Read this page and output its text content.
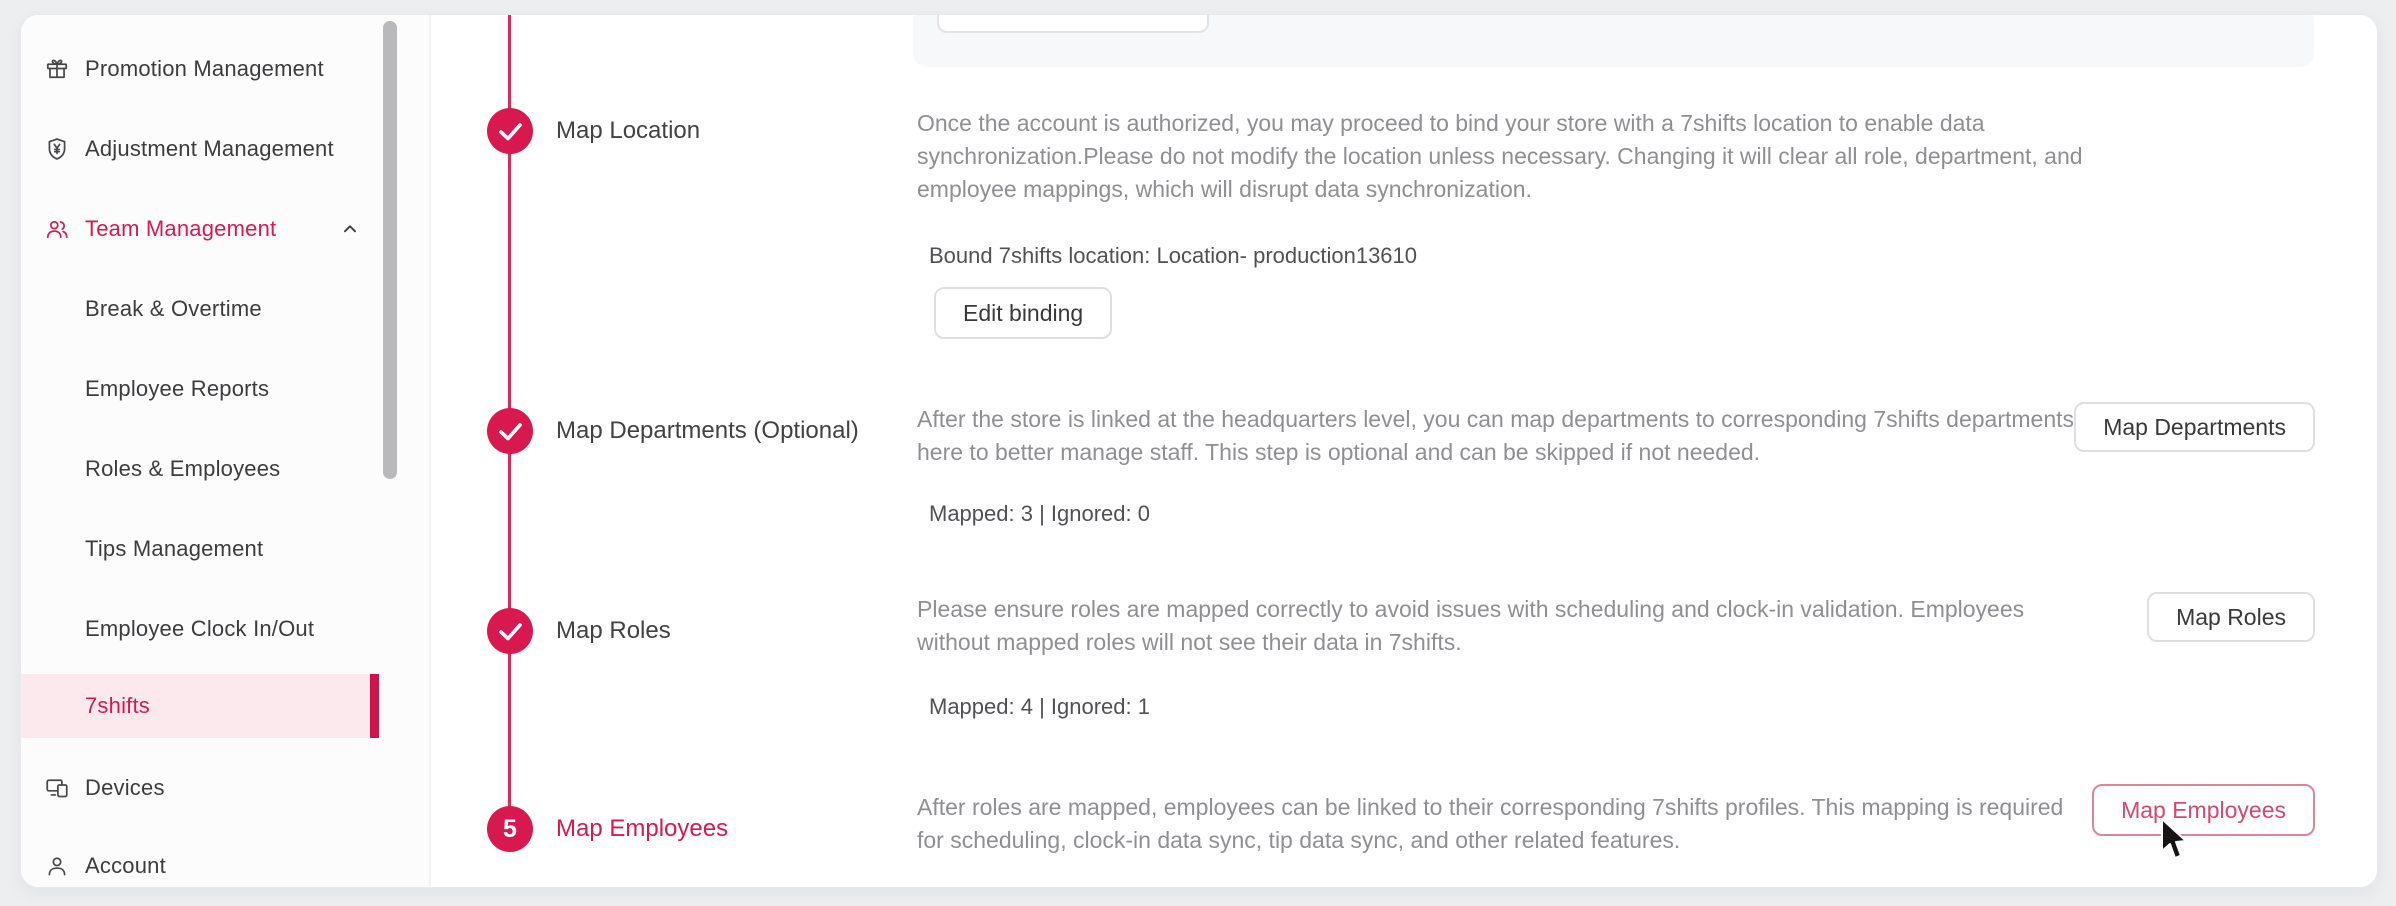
Promotion Management
Adjustment Management
Team Management
Break & Overtime
Employee Reports
Roles & Employees
Tips Management
Employee Clock In/Out
7shifts
Devices
Account
Map Location	Once the account is authorized, you may proceed to bind your store with a 7shifts location to enable data synchronization.Please do not modify the location unless necessary. Changing it will clear all role, department, and employee mappings, which will disrupt data synchronization.

Bound 7shifts location: Location- production13610
Edit binding
Map Departments (Optional)	After the store is linked at the headquarters level, you can map departments to corresponding 7shifts departments here to better manage staff. This step is optional and can be skipped if not needed.

Mapped: 3 | Ignored: 0
Map Departments
Map Roles

Please ensure roles are mapped correctly to avoid issues with scheduling and clock-in validation. Employees without mapped roles will not see their data in 7shifts.

Mapped: 4 | Ignored: 1
Map Roles
5 Map Employees

After roles are mapped, employees can be linked to their corresponding 7shifts profiles. This mapping is required for scheduling, clock-in data sync, tip data sync, and other related features.

Map Employees
